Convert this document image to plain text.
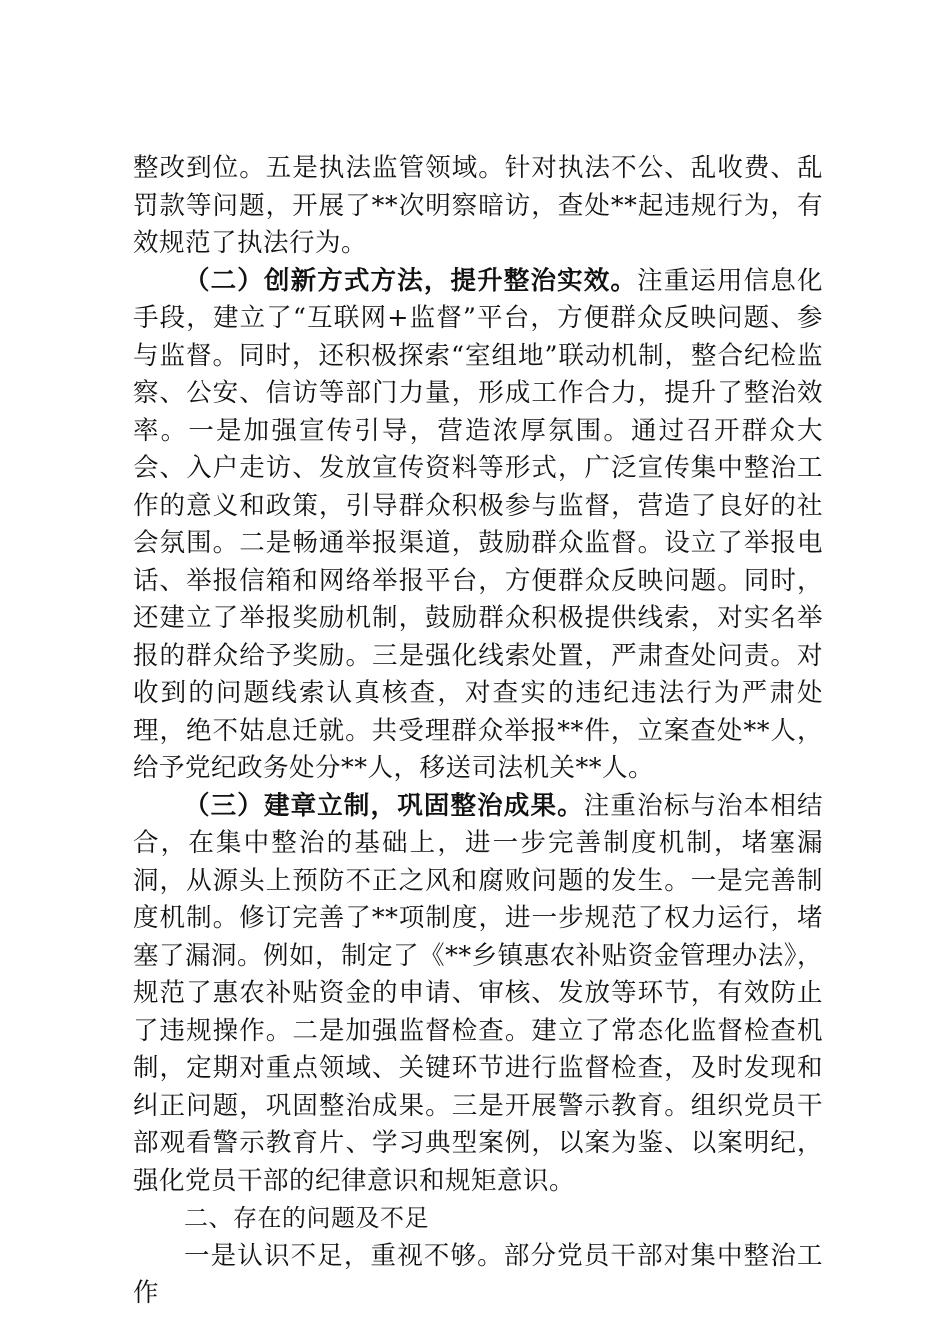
整改到位。五是执法监管领域。针对执法不公、乱收费、乱罚款等问题，开展了**次明察暗访，查处**起违规行为，有效规范了执法行为。

（二）创新方式方法，提升整治实效。注重运用信息化手段，建立了“互联网+监督”平台，方便群众反映问题、参与监督。同时，还积极探索“室组地”联动机制，整合纪检监察、公安、信访等部门力量，形成工作合力，提升了整治效率。一是加强宣传引导，营造浓厚氛围。通过召开群众大会、入户走访、发放宣传资料等形式，广泛宣传集中整治工作的意义和政策，引导群众积极参与监督，营造了良好的社会氛围。二是畅通举报渠道，鼓励群众监督。设立了举报电话、举报信箱和网络举报平台，方便群众反映问题。同时，还建立了举报奖励机制，鼓励群众积极提供线索，对实名举报的群众给予奖励。三是强化线索处置，严肃查处问责。对收到的问题线索认真核查，对查实的违纪违法行为严肃处理，绝不姑息迁就。共受理群众举报**件，立案查处**人，给予党纪政务处分**人，移送司法机关**人。

（三）建章立制，巩固整治成果。注重治标与治本相结合，在集中整治的基础上，进一步完善制度机制，堵塞漏洞，从源头上预防不正之风和腐败问题的发生。一是完善制度机制。修订完善了**项制度，进一步规范了权力运行，堵塞了漏洞。例如，制定了《**乡镇惠农补贴资金管理办法》，规范了惠农补贴资金的申请、审核、发放等环节，有效防止了违规操作。二是加强监督检查。建立了常态化监督检查机制，定期对重点领域、关键环节进行监督检查，及时发现和纠正问题，巩固整治成果。三是开展警示教育。组织党员干部观看警示教育片、学习典型案例，以案为鉴、以案明纪，强化党员干部的纪律意识和规矩意识。

二、存在的问题及不足

一是认识不足，重视不够。部分党员干部对集中整治工作
